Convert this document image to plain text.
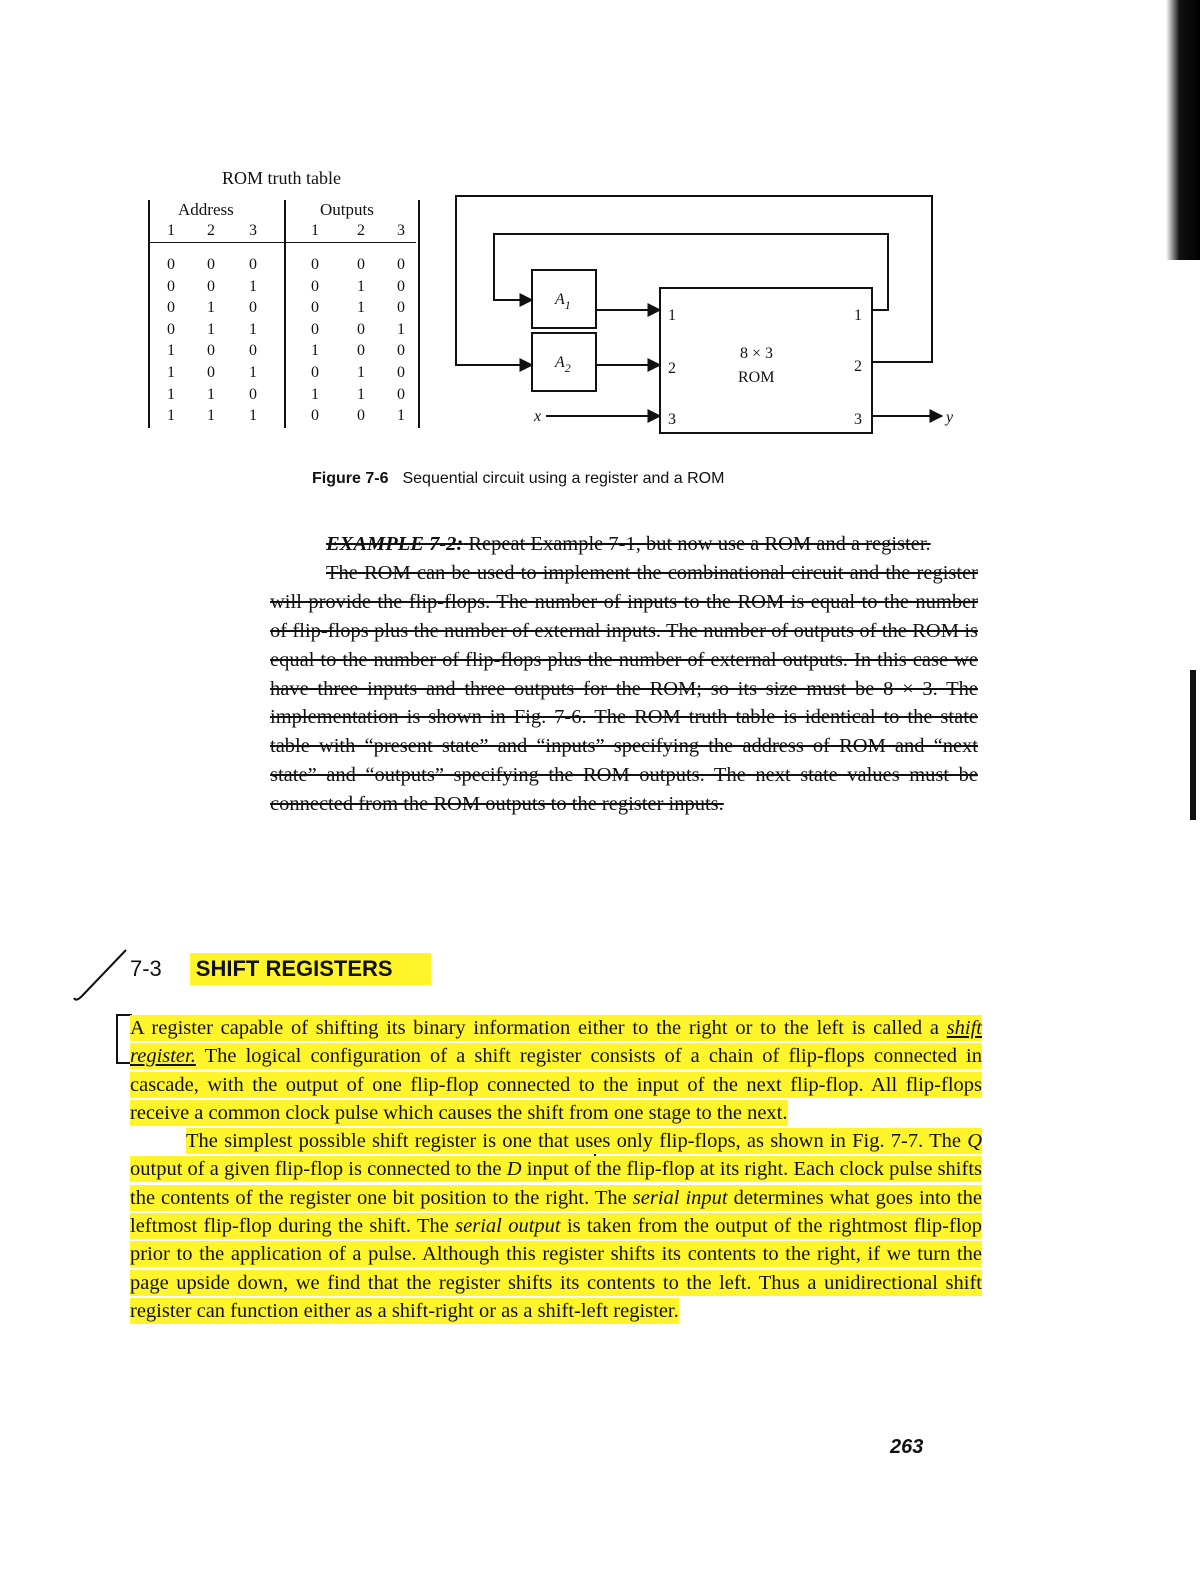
ROM truth table
Address	Outputs
1 2 3	1 2 3
0 0 0	0 0 0
0 0 1	0 1 0
0 1 0	0 1 0
0 1 1	0 0 1
1 0 0	1 0 0
1 0 1	0 1 0
1 1 0	1 1 0
1 1 1	0 0 1
$A_1$
$A_2$
8 × 3
ROM
1
2
3
1
2
3
x	y
Figure 7-6 Sequential circuit using a register and a ROM

EXAMPLE 7-2: Repeat Example 7-1, but now use a ROM and a register.

The ROM can be used to implement the combinational circuit and the register will provide the flip-flops. The number of inputs to the ROM is equal to the number of flip-flops plus the number of external inputs. The number of outputs of the ROM is equal to the number of flip-flops plus the number of external outputs. In this case we have three inputs and three outputs for the ROM; so its size must be 8 × 3. The implementation is shown in Fig. 7-6. The ROM truth table is identical to the state table with “present state” and “inputs” specifying the address of ROM and “next state” and “outputs” specifying the ROM outputs. The next state values must be connected from the ROM outputs to the register inputs.

7-3 SHIFT REGISTERS

A register capable of shifting its binary information either to the right or to the left is called a shift register. The logical configuration of a shift register consists of a chain of flip-flops connected in cascade, with the output of one flip-flop connected to the input of the next flip-flop. All flip-flops receive a common clock pulse which causes the shift from one stage to the next.

The simplest possible shift register is one that uses only flip-flops, as shown in Fig. 7-7. The Q output of a given flip-flop is connected to the D input of the flip-flop at its right. Each clock pulse shifts the contents of the register one bit position to the right. The serial input determines what goes into the leftmost flip-flop during the shift. The serial output is taken from the output of the rightmost flip-flop prior to the application of a pulse. Although this register shifts its contents to the right, if we turn the page upside down, we find that the register shifts its contents to the left. Thus a unidirectional shift register can function either as a shift-right or as a shift-left register.

263
